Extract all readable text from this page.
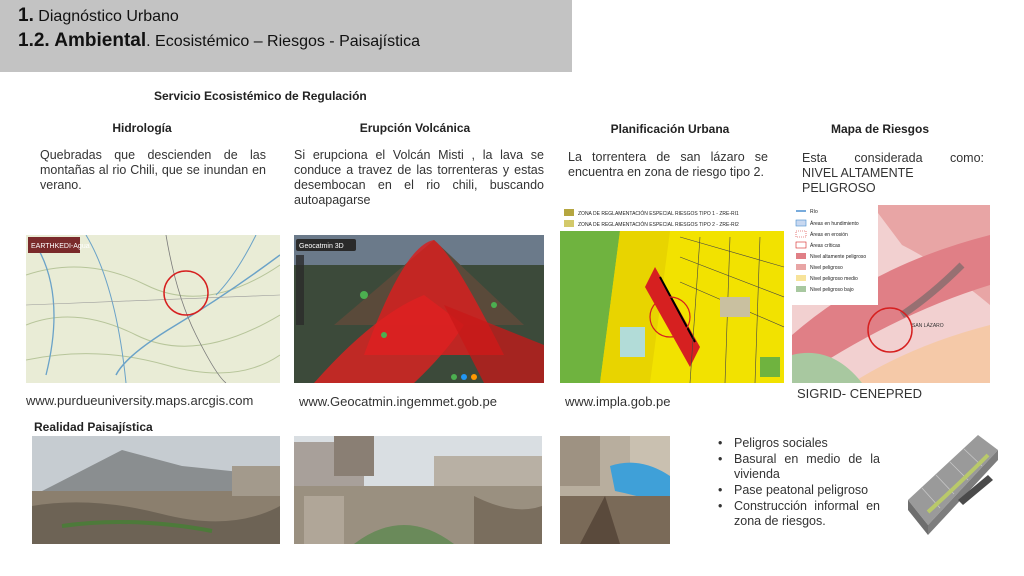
1. Diagnóstico Urbano
1.2. Ambiental. Ecosistémico – Riesgos - Paisajística
Servicio Ecosistémico de Regulación
Hidrología	Erupción Volcánica	Planificación Urbana	Mapa de Riesgos
Quebradas que descienden de las montañas al rio Chili, que se inundan en verano.
Si erupciona el Volcán Misti , la lava se conduce a travez de las torrenteras y estas desembocan en el rio chili, buscando autoapagarse
La torrentera de san lázaro se encuentra en zona de riesgo tipo 2.
Esta considerada como:
NIVEL ALTAMENTE PELIGROSO
EARTHKEDI-Agua	Geocatmin 3D
ZONA DE REGLAMENTACIÓN ESPECIAL RIESGOS TIPO 1 - ZRE-RI1
ZONA DE REGLAMENTACIÓN ESPECIAL RIESGOS TIPO 2 - ZRE-RI2
Río
Áreas en hundimiento
Áreas en erosión
Áreas críticas
Nivel altamente peligroso
Nivel peligroso
Nivel peligroso medio
Nivel peligroso bajo
SAN LÁZARO
www.purdueuniversity.maps.arcgis.com	www.Geocatmin.ingemmet.gob.pe	www.impla.gob.pe
SIGRID- CENEPRED
Realidad Paisajística
• Peligros sociales
• Basural en medio de la vivienda
• Pase peatonal peligroso
• Construcción informal en zona de riesgos.
